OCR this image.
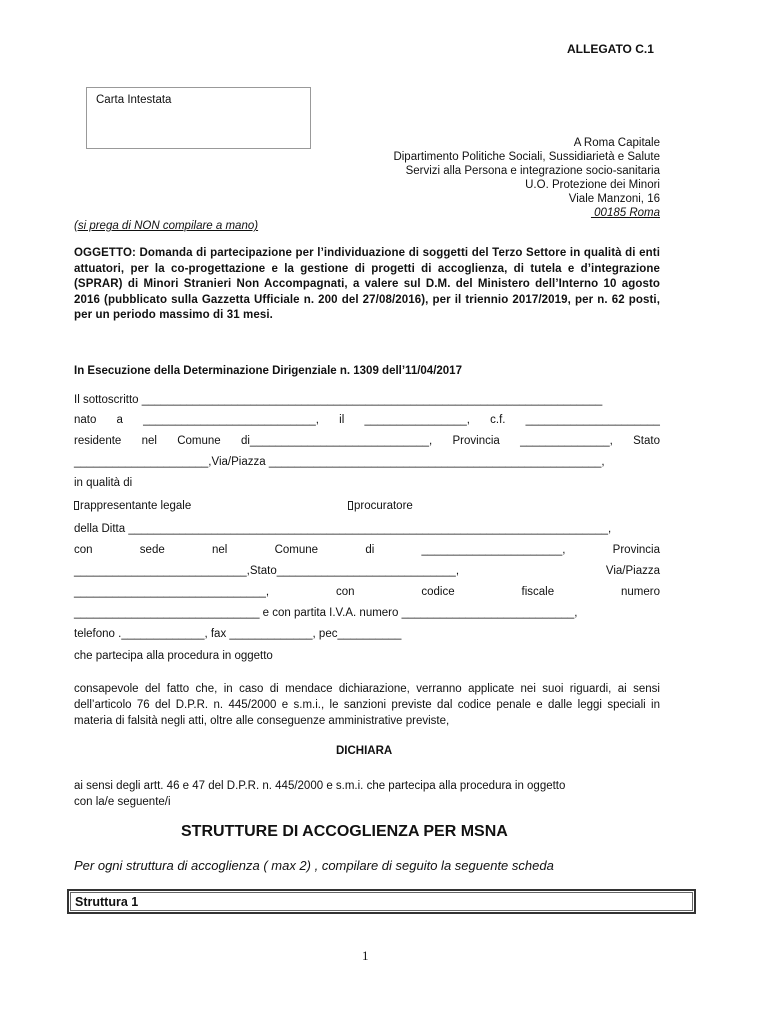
ALLEGATO C.1
Carta Intestata
A Roma Capitale
Dipartimento Politiche Sociali, Sussidiarietà e Salute
Servizi alla Persona e integrazione socio-sanitaria
U.O. Protezione dei Minori
Viale Manzoni, 16
00185 Roma
(si prega di NON compilare a mano)
OGGETTO: Domanda di partecipazione per l’individuazione di soggetti del Terzo Settore in qualità di enti attuatori, per la co-progettazione e la gestione di progetti di accoglienza, di tutela e d’integrazione (SPRAR) di Minori Stranieri Non Accompagnati, a valere sul D.M. del Ministero dell’Interno 10 agosto 2016 (pubblicato sulla Gazzetta Ufficiale n. 200 del 27/08/2016), per il triennio 2017/2019, per n. 62 posti, per un periodo massimo di 31 mesi.
In Esecuzione della Determinazione Dirigenziale n. 1309 dell’11/04/2017
Il sottoscritto ________________________________________________________________________
nato a ___________________________, il ________________, c.f. _____________________
residente nel Comune di____________________________, Provincia ______________, Stato
_____________________,Via/Piazza ____________________________________________________,
in qualità di
rappresentante legale	procuratore
della Ditta ___________________________________________________________________________,
con	sede	nel	Comune	di	______________________,	Provincia
___________________________,Stato____________________________,	Via/Piazza
______________________________,	con	codice	fiscale	numero
_____________________________ e con partita I.V.A. numero ___________________________,
telefono ._____________, fax _____________, pec__________
che partecipa alla procedura in oggetto
consapevole del fatto che, in caso di mendace dichiarazione, verranno applicate nei suoi riguardi, ai sensi dell’articolo 76 del D.P.R. n. 445/2000 e s.m.i., le sanzioni previste dal codice penale e dalle leggi speciali in materia di falsità negli atti, oltre alle conseguenze amministrative previste,
DICHIARA
ai sensi degli artt. 46 e 47 del D.P.R. n. 445/2000 e s.m.i. che partecipa alla procedura in oggetto
con la/e seguente/i
STRUTTURE DI ACCOGLIENZA PER MSNA
Per ogni struttura di accoglienza ( max 2) , compilare di seguito la seguente scheda
Struttura 1
1
